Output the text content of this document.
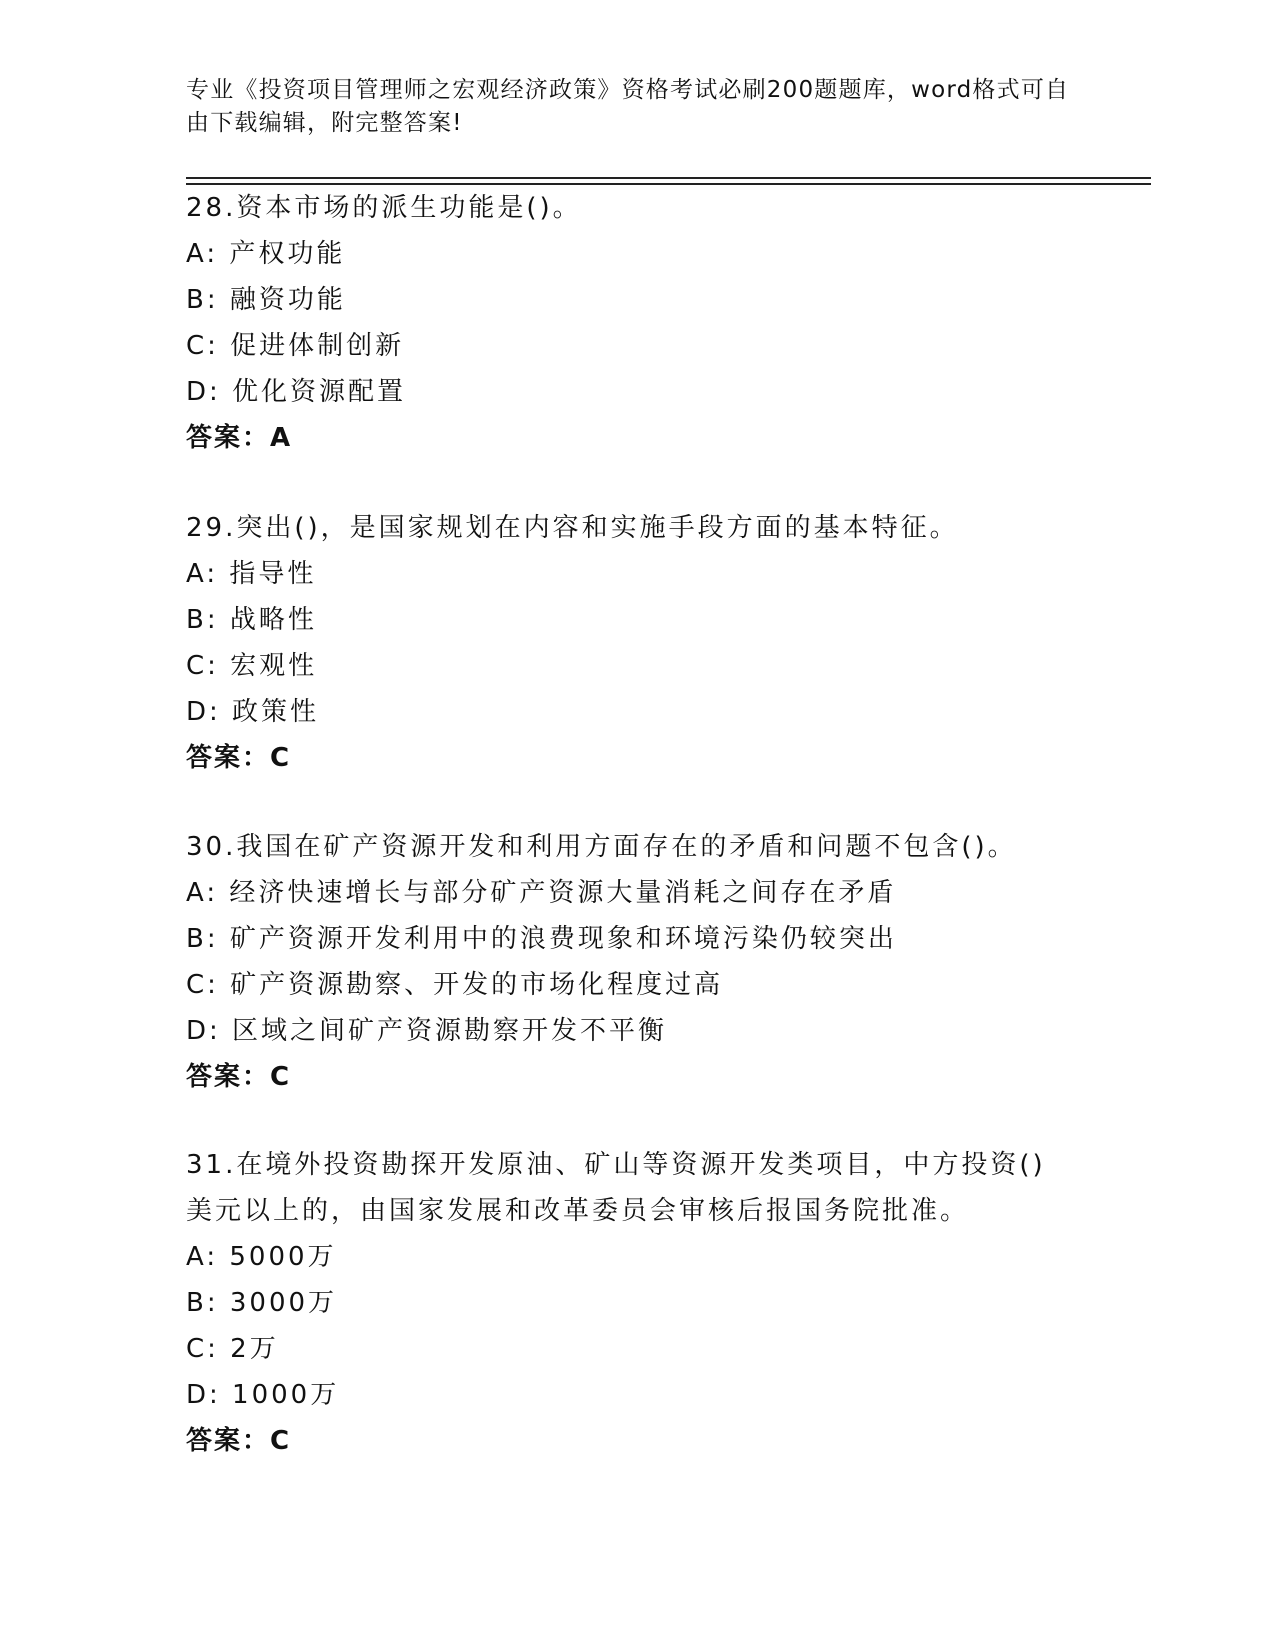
专业《投资项目管理师之宏观经济政策》资格考试必刷200题题库，word格式可自由下载编辑，附完整答案!

28.资本市场的派生功能是()。

A: 产权功能

B: 融资功能

C: 促进体制创新

D: 优化资源配置

答案：A

29.突出()，是国家规划在内容和实施手段方面的基本特征。

A: 指导性

B: 战略性

C: 宏观性

D: 政策性

答案：C

30.我国在矿产资源开发和利用方面存在的矛盾和问题不包含()。

A: 经济快速增长与部分矿产资源大量消耗之间存在矛盾

B: 矿产资源开发利用中的浪费现象和环境污染仍较突出

C: 矿产资源勘察、开发的市场化程度过高

D: 区域之间矿产资源勘察开发不平衡

答案：C

31.在境外投资勘探开发原油、矿山等资源开发类项目，中方投资()美元以上的，由国家发展和改革委员会审核后报国务院批准。

A: 5000万

B: 3000万

C: 2万

D: 1000万

答案：C
